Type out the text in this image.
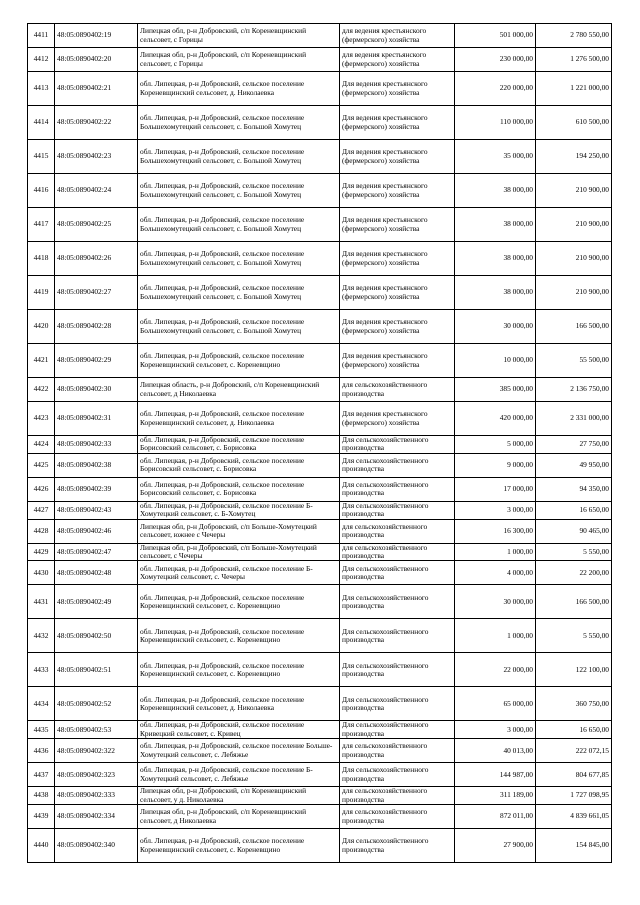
4411	48:05:0890402:19	Липецкая обл, р-н Добровский, с/п Кореневщинский сельсовет, с Горицы	для ведения крестьянского (фермерского) хозяйства	501 000,00	2 780 550,00
4412	48:05:0890402:20	Липецкая обл, р-н Добровский, с/п Кореневщинский сельсовет, с Горицы	для ведения крестьянского (фермерского) хозяйства	230 000,00	1 276 500,00
4413	48:05:0890402:21	обл. Липецкая, р-н Добровский, сельское поселение Кореневщинский сельсовет, д. Николаевка	Для ведения крестьянского (фермерского) хозяйства	220 000,00	1 221 000,00
4414	48:05:0890402:22	обл. Липецкая, р-н Добровский, сельское поселение Большехомутецкий сельсовет, с. Большой Хомутец	Для ведения крестьянского (фермерского) хозяйства	110 000,00	610 500,00
4415	48:05:0890402:23	обл. Липецкая, р-н Добровский, сельское поселение Большехомутецкий сельсовет, с. Большой Хомутец	Для ведения крестьянского (фермерского) хозяйства	35 000,00	194 250,00
4416	48:05:0890402:24	обл. Липецкая, р-н Добровский, сельское поселение Большехомутецкий сельсовет, с. Большой Хомутец	Для ведения крестьянского (фермерского) хозяйства	38 000,00	210 900,00
4417	48:05:0890402:25	обл. Липецкая, р-н Добровский, сельское поселение Большехомутецкий сельсовет, с. Большой Хомутец	Для ведения крестьянского (фермерского) хозяйства	38 000,00	210 900,00
4418	48:05:0890402:26	обл. Липецкая, р-н Добровский, сельское поселение Большехомутецкий сельсовет, с. Большой Хомутец	Для ведения крестьянского (фермерского) хозяйства	38 000,00	210 900,00
4419	48:05:0890402:27	обл. Липецкая, р-н Добровский, сельское поселение Большехомутецкий сельсовет, с. Большой Хомутец	Для ведения крестьянского (фермерского) хозяйства	38 000,00	210 900,00
4420	48:05:0890402:28	обл. Липецкая, р-н Добровский, сельское поселение Большехомутецкий сельсовет, с. Большой Хомутец	Для ведения крестьянского (фермерского) хозяйства	30 000,00	166 500,00
4421	48:05:0890402:29	обл. Липецкая, р-н Добровский, сельское поселение Кореневщинский сельсовет, с. Кореневщино	Для ведения крестьянского (фермерского) хозяйства	10 000,00	55 500,00
4422	48:05:0890402:30	Липецкая область, р-н Добровский, с/п Кореневщинский сельсовет, д Николаевка	для сельскохозяйственного производства	385 000,00	2 136 750,00
4423	48:05:0890402:31	обл. Липецкая, р-н Добровский, сельское поселение Кореневщинский сельсовет, д. Николаевка	Для ведения крестьянского (фермерского) хозяйства	420 000,00	2 331 000,00
4424	48:05:0890402:33	обл. Липецкая, р-н Добровский, сельское поселение Борисовский сельсовет, с. Борисовка	Для сельскохозяйственного производства	5 000,00	27 750,00
4425	48:05:0890402:38	обл. Липецкая, р-н Добровский, сельское поселение Борисовский сельсовет, с. Борисовка	Для сельскохозяйственного производства	9 000,00	49 950,00
4426	48:05:0890402:39	обл. Липецкая, р-н Добровский, сельское поселение Борисовский сельсовет, с. Борисовка	Для сельскохозяйственного производства	17 000,00	94 350,00
4427	48:05:0890402:43	обл. Липецкая, р-н Добровский, сельское поселение Б-Хомутецкий сельсовет, с. Б-Хомутец	Для сельскохозяйственного производства	3 000,00	16 650,00
4428	48:05:0890402:46	Липецкая обл, р-н Добровский, с/п Больше-Хомутецкий сельсовет, южнее с Чечеры	для сельскохозяйственного производства	16 300,00	90 465,00
4429	48:05:0890402:47	Липецкая обл, р-н Добровский, с/п Больше-Хомутецкий сельсовет, с Чечеры	для сельскохозяйственного производства	1 000,00	5 550,00
4430	48:05:0890402:48	обл. Липецкая, р-н Добровский, сельское поселение Б-Хомутецкий сельсовет, с. Чечеры	Для сельскохозяйственного производства	4 000,00	22 200,00
4431	48:05:0890402:49	обл. Липецкая, р-н Добровский, сельское поселение Кореневщинский сельсовет, с. Кореневщино	Для сельскохозяйственного производства	30 000,00	166 500,00
4432	48:05:0890402:50	обл. Липецкая, р-н Добровский, сельское поселение Кореневщинский сельсовет, с. Кореневщино	Для сельскохозяйственного производства	1 000,00	5 550,00
4433	48:05:0890402:51	обл. Липецкая, р-н Добровский, сельское поселение Кореневщинский сельсовет, с. Кореневщино	Для сельскохозяйственного производства	22 000,00	122 100,00
4434	48:05:0890402:52	обл. Липецкая, р-н Добровский, сельское поселение Кореневщинский сельсовет, д. Николаевка	Для сельскохозяйственного производства	65 000,00	360 750,00
4435	48:05:0890402:53	обл. Липецкая, р-н Добровский, сельское поселение Кривецкий сельсовет, с. Кривец	Для сельскохозяйственного производства	3 000,00	16 650,00
4436	48:05:0890402:322	обл. Липецкая, р-н Добровский, сельское поселение Больше-Хомутецкий сельсовет, с. Лебяжье	для сельскохозяйственного производства	40 013,00	222 072,15
4437	48:05:0890402:323	обл. Липецкая, р-н Добровский, сельское поселение Б-Хомутецкий сельсовет, с. Лебяжье	Для сельскохозяйственного производства	144 987,00	804 677,85
4438	48:05:0890402:333	Липецкая обл, р-н Добровский, с/п Кореневщинский сельсовет, у д. Николаевка	для сельскохозяйственного производства	311 189,00	1 727 098,95
4439	48:05:0890402:334	Липецкая обл, р-н Добровский, с/п Кореневщинский сельсовет, д Николаевка	для сельскохозяйственного производства	872 011,00	4 839 661,05
4440	48:05:0890402:340	обл. Липецкая, р-н Добровский, сельское поселение Кореневщинский сельсовет, с. Кореневщино	Для сельскохозяйственного производства	27 900,00	154 845,00
